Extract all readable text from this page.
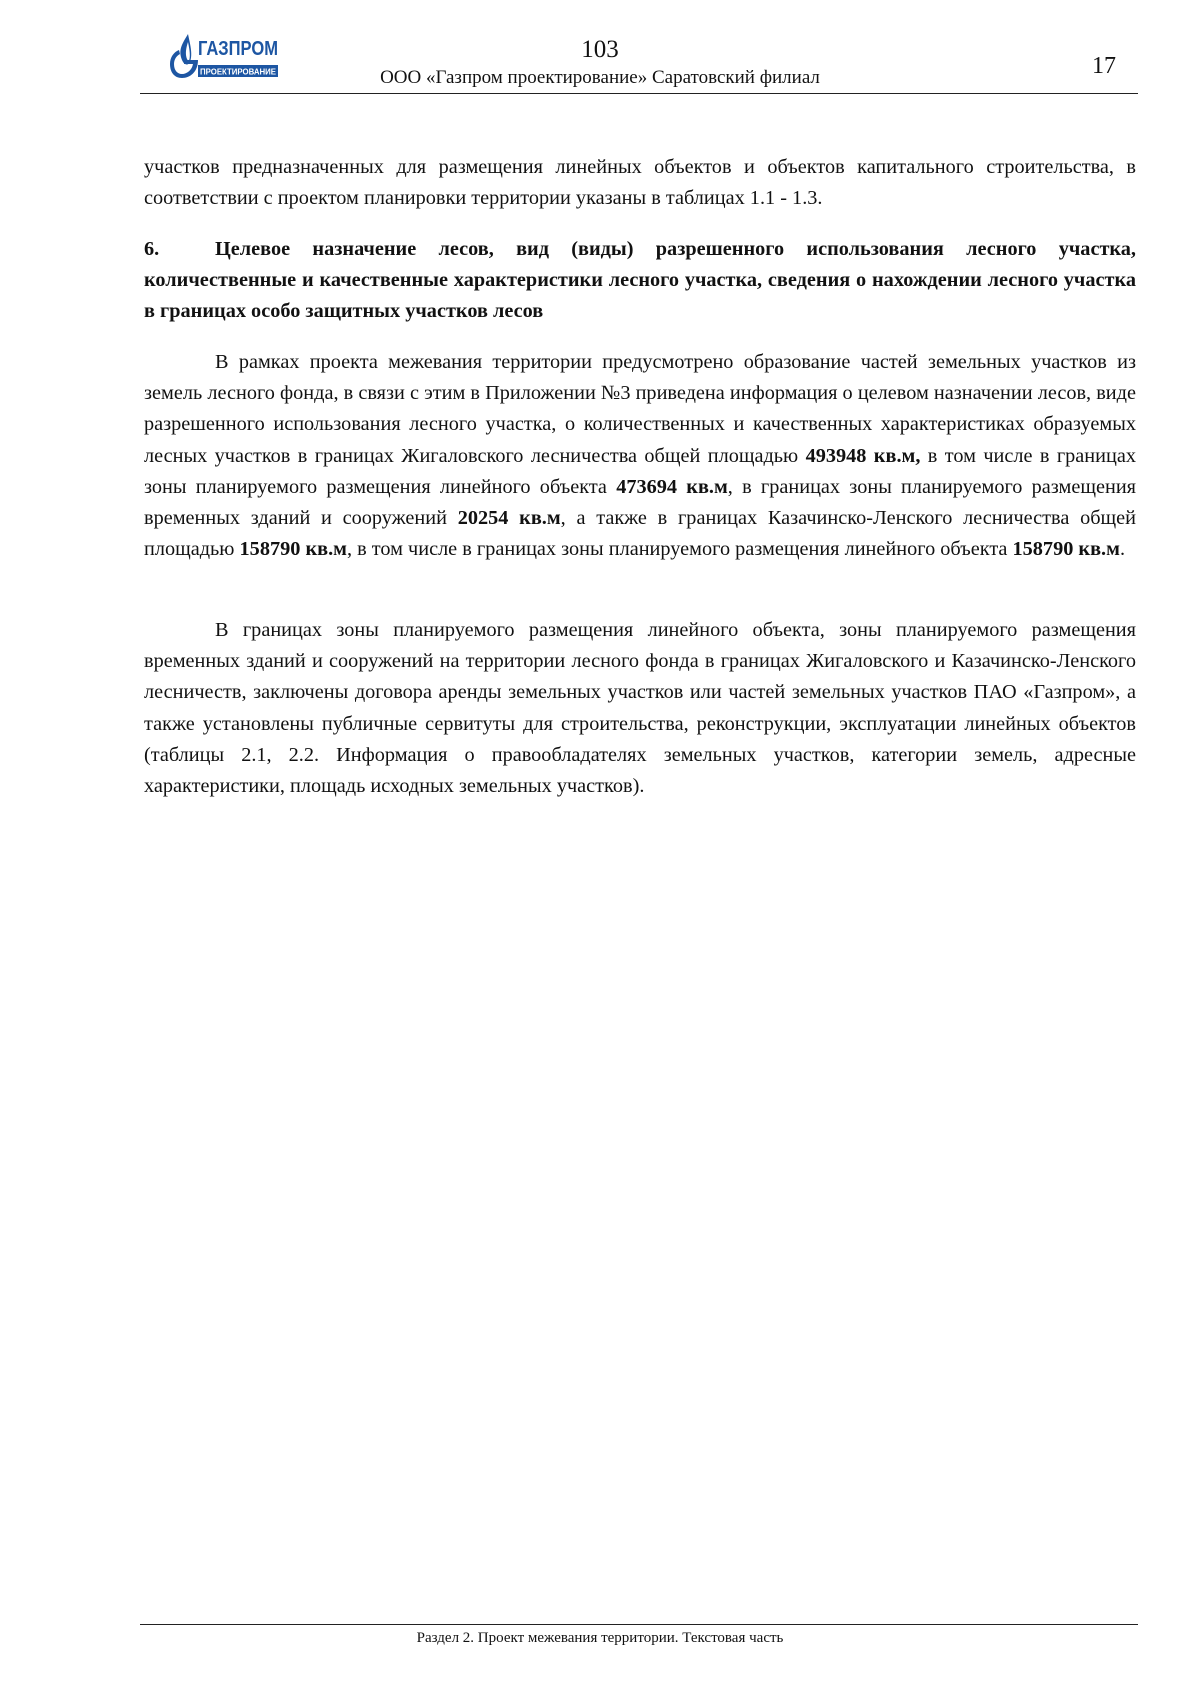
ГАЗПРОМ
ПРОЕКТИРОВАНИЕ
103
ООО «Газпром проектирование» Саратовский филиал	17

участков предназначенных для размещения линейных объектов и объектов капитального строительства, в соответствии с проектом планировки территории указаны в таблицах 1.1 - 1.3.

6.	Целевое назначение лесов, вид (виды) разрешенного использования лесного участка, количественные и качественные характеристики лесного участка, сведения о нахождении лесного участка в границах особо защитных участков лесов

В рамках проекта межевания территории предусмотрено образование частей земельных участков из земель лесного фонда, в связи с этим в Приложении №3 приведена информация о целевом назначении лесов, виде разрешенного использования лесного участка, о количественных и качественных характеристиках образуемых лесных участков в границах Жигаловского лесничества общей площадью 493948 кв.м, в том числе в границах зоны планируемого размещения линейного объекта 473694 кв.м, в границах зоны планируемого размещения временных зданий и сооружений 20254 кв.м, а также в границах Казачинско-Ленского лесничества общей площадью 158790 кв.м, в том числе в границах зоны планируемого размещения линейного объекта 158790 кв.м.

В границах зоны планируемого размещения линейного объекта, зоны планируемого размещения временных зданий и сооружений на территории лесного фонда в границах Жигаловского и Казачинско-Ленского лесничеств, заключены договора аренды земельных участков или частей земельных участков ПАО «Газпром», а также установлены публичные сервитуты для строительства, реконструкции, эксплуатации линейных объектов (таблицы 2.1, 2.2. Информация о правообладателях земельных участков, категории земель, адресные характеристики, площадь исходных земельных участков).

Раздел 2. Проект межевания территории. Текстовая часть
